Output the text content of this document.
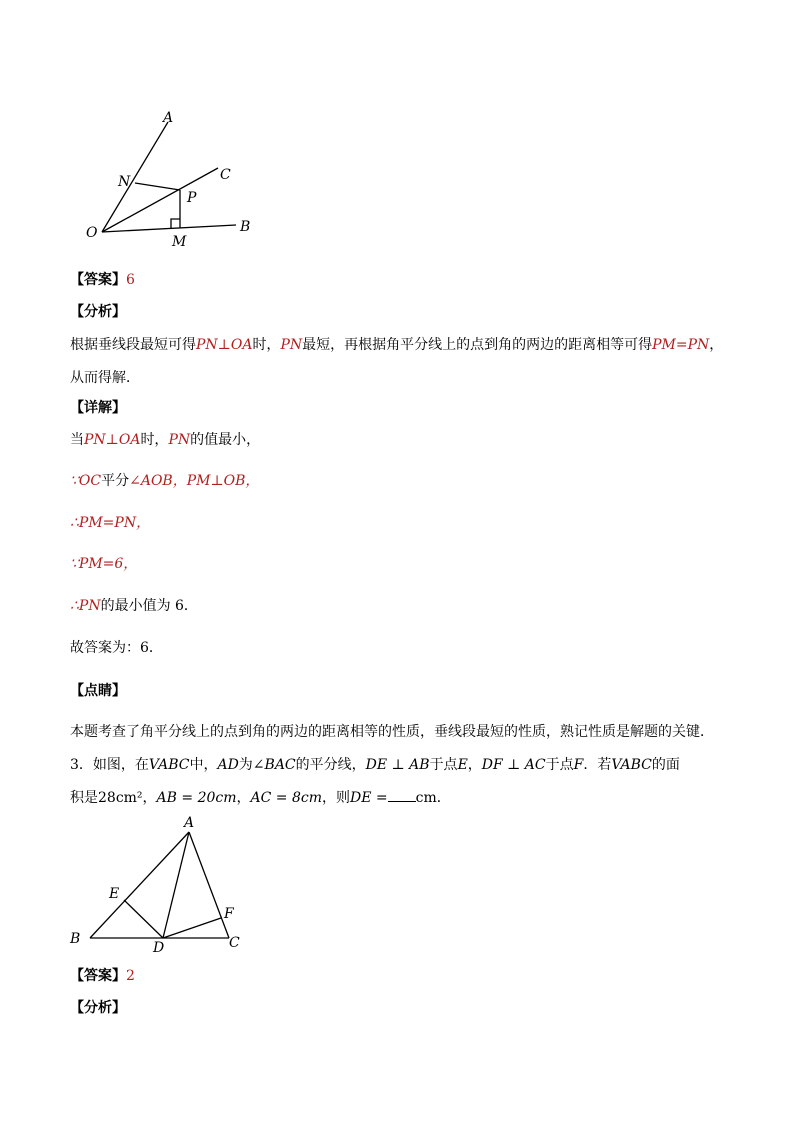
A
C
N
P
O
M
B
【答案】6
【分析】
根据垂线段最短可得PN⊥OA时，PN最短，再根据角平分线上的点到角的两边的距离相等可得PM=PN，
从而得解．
【详解】
当PN⊥OA时，PN的值最小，
∵OC平分∠AOB，PM⊥OB，
∴PM=PN，
∵PM=6，
∴PN的最小值为 6．
故答案为：6．
【点睛】
本题考查了角平分线上的点到角的两边的距离相等的性质，垂线段最短的性质，熟记性质是解题的关键．
3．如图，在VABC中，AD为∠BAC的平分线，DE ⊥ AB于点E，DF ⊥ AC于点F．若VABC的面
积是28cm²，AB = 20cm，AC = 8cm，则DE = cm．
A
E
F
B
D	C
【答案】2
【分析】
